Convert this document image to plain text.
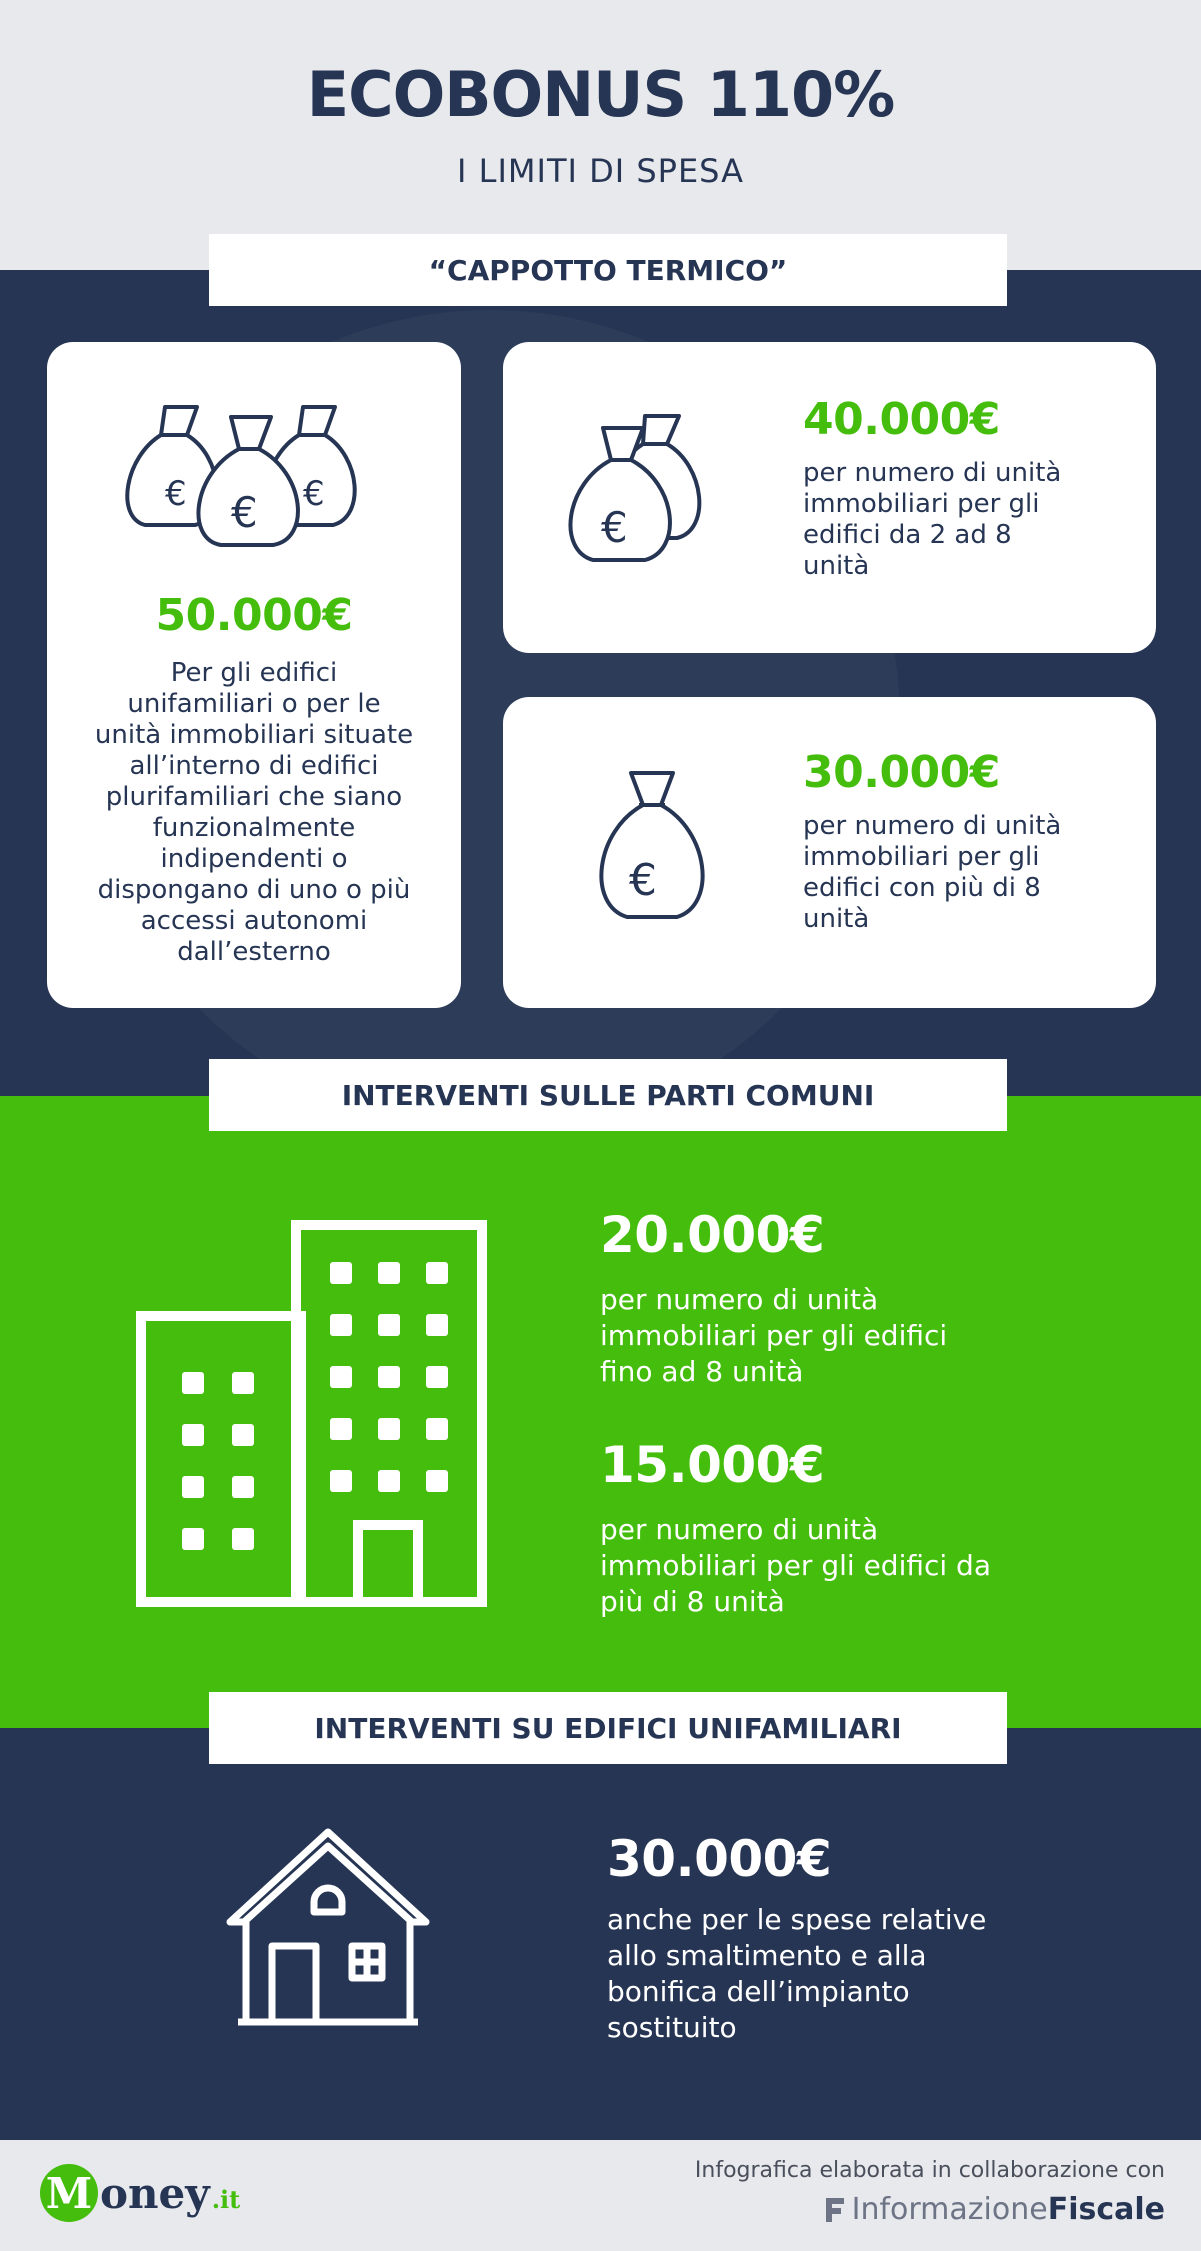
ECOBONUS 110%
I LIMITI DI SPESA
“CAPPOTTO TERMICO”
€	€
€
50.000€
Per gli edifici
unifamiliari o per le
unità immobiliari situate
all’interno di edifici
plurifamiliari che siano
funzionalmente
indipendenti o
dispongano di uno o più
accessi autonomi
dall’esterno
€
40.000€
per numero di unità
immobiliari per gli
edifici da 2 ad 8
unità
€
30.000€
per numero di unità
immobiliari per gli
edifici con più di 8
unità
INTERVENTI SULLE PARTI COMUNI
20.000€
per numero di unità
immobiliari per gli edifici
fino ad 8 unità
15.000€
per numero di unità
immobiliari per gli edifici da
più di 8 unità
INTERVENTI SU EDIFICI UNIFAMILIARI
30.000€
anche per le spese relative
allo smaltimento e alla
bonifica dell’impianto
sostituito
M oney .it
Infografica elaborata in collaborazione con
Informazione Fiscale
